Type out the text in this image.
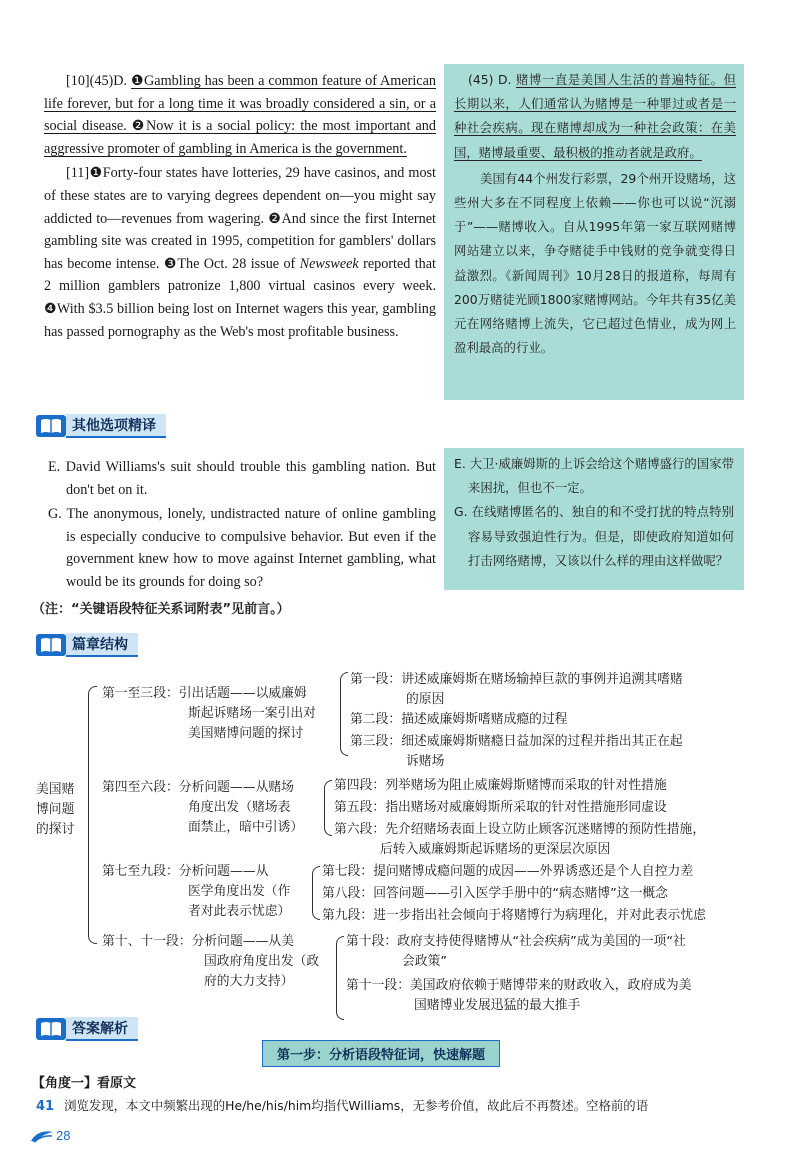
[10](45)D. ❶Gambling has been a common feature of American life forever, but for a long time it was broadly considered a sin, or a social disease. ❷Now it is a social policy: the most important and aggressive promoter of gambling in America is the government.

[11]❶Forty-four states have lotteries, 29 have casinos, and most of these states are to varying degrees dependent on—you might say addicted to—revenues from wagering. ❷And since the first Internet gambling site was created in 1995, competition for gamblers' dollars has become intense. ❸The Oct. 28 issue of Newsweek reported that 2 million gamblers patronize 1,800 virtual casinos every week. ❹With $3.5 billion being lost on Internet wagers this year, gambling has passed pornography as the Web's most profitable business.

(45) D. 赌博一直是美国人生活的普遍特征。但长期以来，人们通常认为赌博是一种罪过或者是一种社会疾病。现在赌博却成为一种社会政策：在美国，赌博最重要、最积极的推动者就是政府。
美国有44个州发行彩票，29个州开设赌场，这些州大多在不同程度上依赖——你也可以说“沉溺于”——赌博收入。自从1995年第一家互联网赌博网站建立以来，争夺赌徒手中钱财的竞争就变得日益激烈。《新闻周刊》10月28日的报道称，每周有200万赌徒光顾1800家赌博网站。今年共有35亿美元在网络赌博上流失，它已超过色情业，成为网上盈利最高的行业。
其他选项精译

E. David Williams's suit should trouble this gambling nation. But don't bet on it.

G. The anonymous, lonely, undistracted nature of online gambling is especially conducive to compulsive behavior. But even if the government knew how to move against Internet gambling, what would be its grounds for doing so?

E. 大卫·威廉姆斯的上诉会给这个赌博盛行的国家带来困扰，但也不一定。
G. 在线赌博匿名的、独自的和不受打扰的特点特别容易导致强迫性行为。但是，即使政府知道如何打击网络赌博，又该以什么样的理由这样做呢？
（注：“关键语段特征关系词附表”见前言。）
篇章结构
美国赌
博问题
的探讨
第一至三段：引出话题——以威廉姆
斯起诉赌场一案引出对
美国赌博问题的探讨
第一段：讲述威廉姆斯在赌场输掉巨款的事例并追溯其嗜赌
的原因
第二段：描述威廉姆斯嗜赌成瘾的过程
第三段：细述威廉姆斯赌瘾日益加深的过程并指出其正在起
诉赌场
第四至六段：分析问题——从赌场
角度出发（赌场表
面禁止，暗中引诱）
第四段：列举赌场为阻止威廉姆斯赌博而采取的针对性措施
第五段：指出赌场对威廉姆斯所采取的针对性措施形同虚设
第六段：先介绍赌场表面上设立防止顾客沉迷赌博的预防性措施，
后转入威廉姆斯起诉赌场的更深层次原因
第七至九段：分析问题——从
医学角度出发（作
者对此表示忧虑）
第七段：提问赌博成瘾问题的成因——外界诱惑还是个人自控力差
第八段：回答问题——引入医学手册中的“病态赌博”这一概念
第九段：进一步指出社会倾向于将赌博行为病理化，并对此表示忧虑
第十、十一段：分析问题——从美
国政府角度出发（政
府的大力支持）
第十段：政府支持使得赌博从“社会疾病”成为美国的一项“社
会政策”
第十一段：美国政府依赖于赌博带来的财政收入，政府成为美
国赌博业发展迅猛的最大推手
答案解析
第一步：分析语段特征词，快速解题
【角度一】看原文
41 浏览发现，本文中频繁出现的He/he/his/him均指代Williams，无参考价值，故此后不再赘述。空格前的语
28
